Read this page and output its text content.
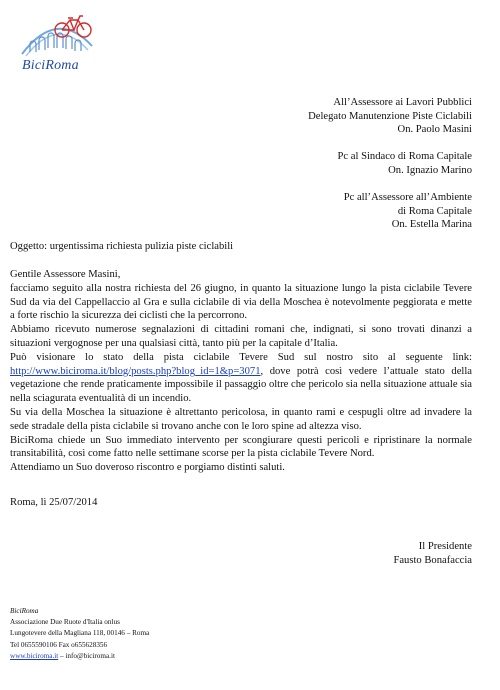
BiciRoma
All’Assessore ai Lavori Pubblici
Delegato Manutenzione Piste Ciclabili
On. Paolo Masini
Pc al Sindaco di Roma Capitale
On. Ignazio Marino
Pc all’Assessore all’Ambiente
di Roma Capitale
On. Estella Marina
Oggetto: urgentissima richiesta pulizia piste ciclabili

Gentile Assessore Masini,

facciamo seguito alla nostra richiesta del 26 giugno, in quanto la situazione lungo la pista ciclabile Tevere Sud da via del Cappellaccio al Gra e sulla ciclabile di via della Moschea è notevolmente peggiorata e mette a forte rischio la sicurezza dei ciclisti che la percorrono.

Abbiamo ricevuto numerose segnalazioni di cittadini romani che, indignati, si sono trovati dinanzi a situazioni vergognose per una qualsiasi città, tanto più per la capitale d’Italia.

Può visionare lo stato della pista ciclabile Tevere Sud sul nostro sito al seguente link: http://www.biciroma.it/blog/posts.php?blog_id=1&p=3071, dove potrà così vedere l’attuale stato della vegetazione che rende praticamente impossibile il passaggio oltre che pericolo sia nella situazione attuale sia nella sciagurata eventualità di un incendio.

Su via della Moschea la situazione è altrettanto pericolosa, in quanto rami e cespugli oltre ad invadere la sede stradale della pista ciclabile si trovano anche con le loro spine ad altezza viso.

BiciRoma chiede un Suo immediato intervento per scongiurare questi pericoli e ripristinare la normale transitabilità, così come fatto nelle settimane scorse per la pista ciclabile Tevere Nord.

Attendiamo un Suo doveroso riscontro e porgiamo distinti saluti.

Roma, lì 25/07/2014
Il Presidente
Fausto Bonafaccia
BiciRoma
Associazione Due Ruote d'Italia onlus
Lungotevere della Magliana 118, 00146 – Roma
Tel 0655590106 Fax o655628356
www.biciroma.it – info@biciroma.it
